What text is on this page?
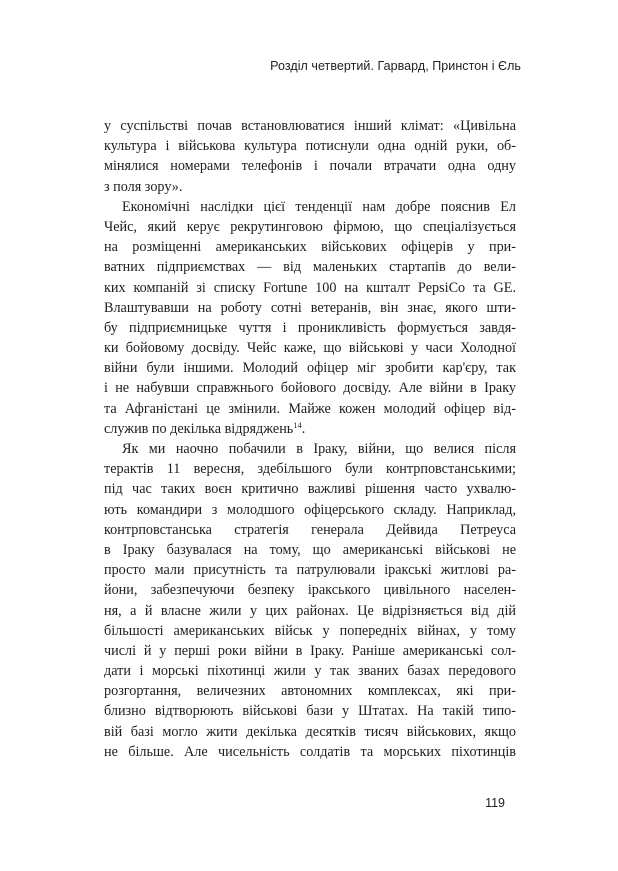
Розділ четвертий. Гарвард, Принстон і Єль
у суспільстві почав встановлюватися інший клімат: «Цивільна
культура і військова культура потиснули одна одній руки, об-
мінялися номерами телефонів і почали втрачати одна одну
з поля зору».
Економічні наслідки цієї тенденції нам добре пояснив Ел
Чейс, який керує рекрутинговою фірмою, що спеціалізується
на розміщенні американських військових офіцерів у при-
ватних підприємствах — від маленьких стартапів до вели-
ких компаній зі списку Fortune 100 на кшталт PepsiCo та GE.
Влаштувавши на роботу сотні ветеранів, він знає, якого шти-
бу підприємницьке чуття і проникливість формується завдя-
ки бойовому досвіду. Чейс каже, що військові у часи Холодної
війни були іншими. Молодий офіцер міг зробити кар'єру, так
і не набувши справжнього бойового досвіду. Але війни в Іраку
та Афганістані це змінили. Майже кожен молодий офіцер від-
служив по декілька відряджень$^{14}$.
Як ми наочно побачили в Іраку, війни, що велися після
терактів 11 вересня, здебільшого були контрповстанськими;
під час таких воєн критично важливі рішення часто ухвалю-
ють командири з молодшого офіцерського складу. Наприклад,
контрповстанська стратегія генерала Дейвида Петреуса
в Іраку базувалася на тому, що американські військові не
просто мали присутність та патрулювали іракські житлові ра-
йони, забезпечуючи безпеку іракського цивільного населен-
ня, а й власне жили у цих районах. Це відрізняється від дій
більшості американських військ у попередніх війнах, у тому
числі й у перші роки війни в Іраку. Раніше американські сол-
дати і морські піхотинці жили у так званих базах передового
розгортання, величезних автономних комплексах, які при-
близно відтворюють військові бази у Штатах. На такій типо-
вій базі могло жити декілька десятків тисяч військових, якщо
не більше. Але чисельність солдатів та морських піхотинців
119
